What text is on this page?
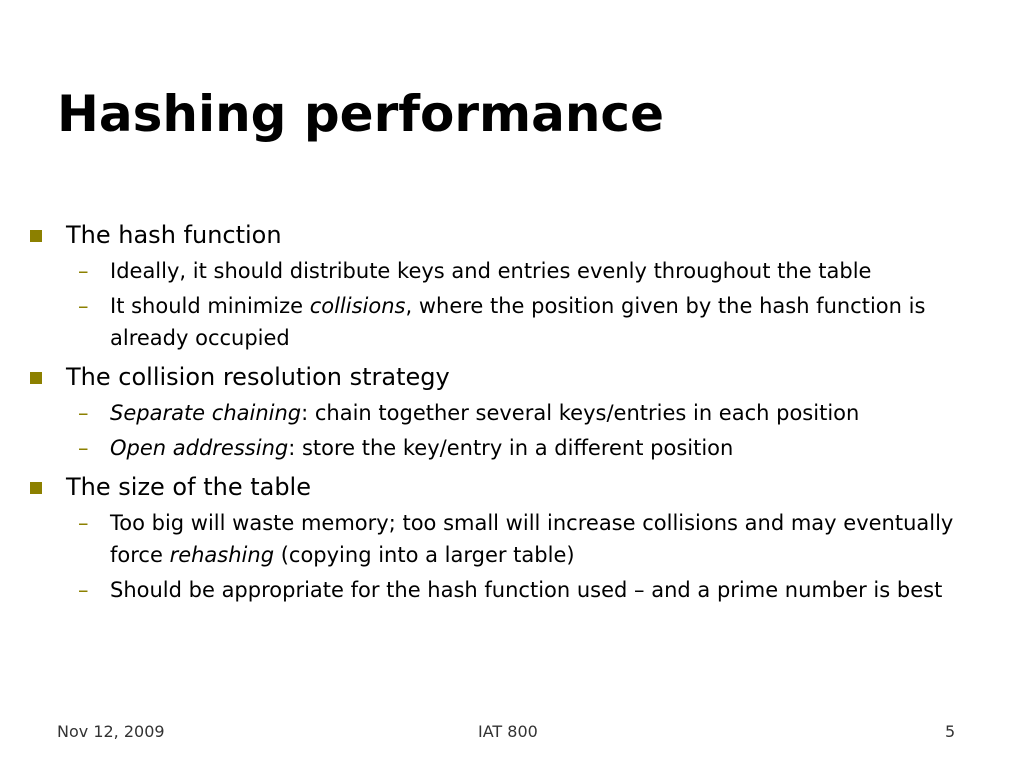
Hashing performance
The hash function
– Ideally, it should distribute keys and entries evenly throughout the table
– It should minimize collisions, where the position given by the hash function is already occupied
The collision resolution strategy
– Separate chaining: chain together several keys/entries in each position
– Open addressing: store the key/entry in a different position
The size of the table
– Too big will waste memory; too small will increase collisions and may eventually force rehashing (copying into a larger table)
– Should be appropriate for the hash function used – and a prime number is best
Nov 12, 2009	IAT 800	5
